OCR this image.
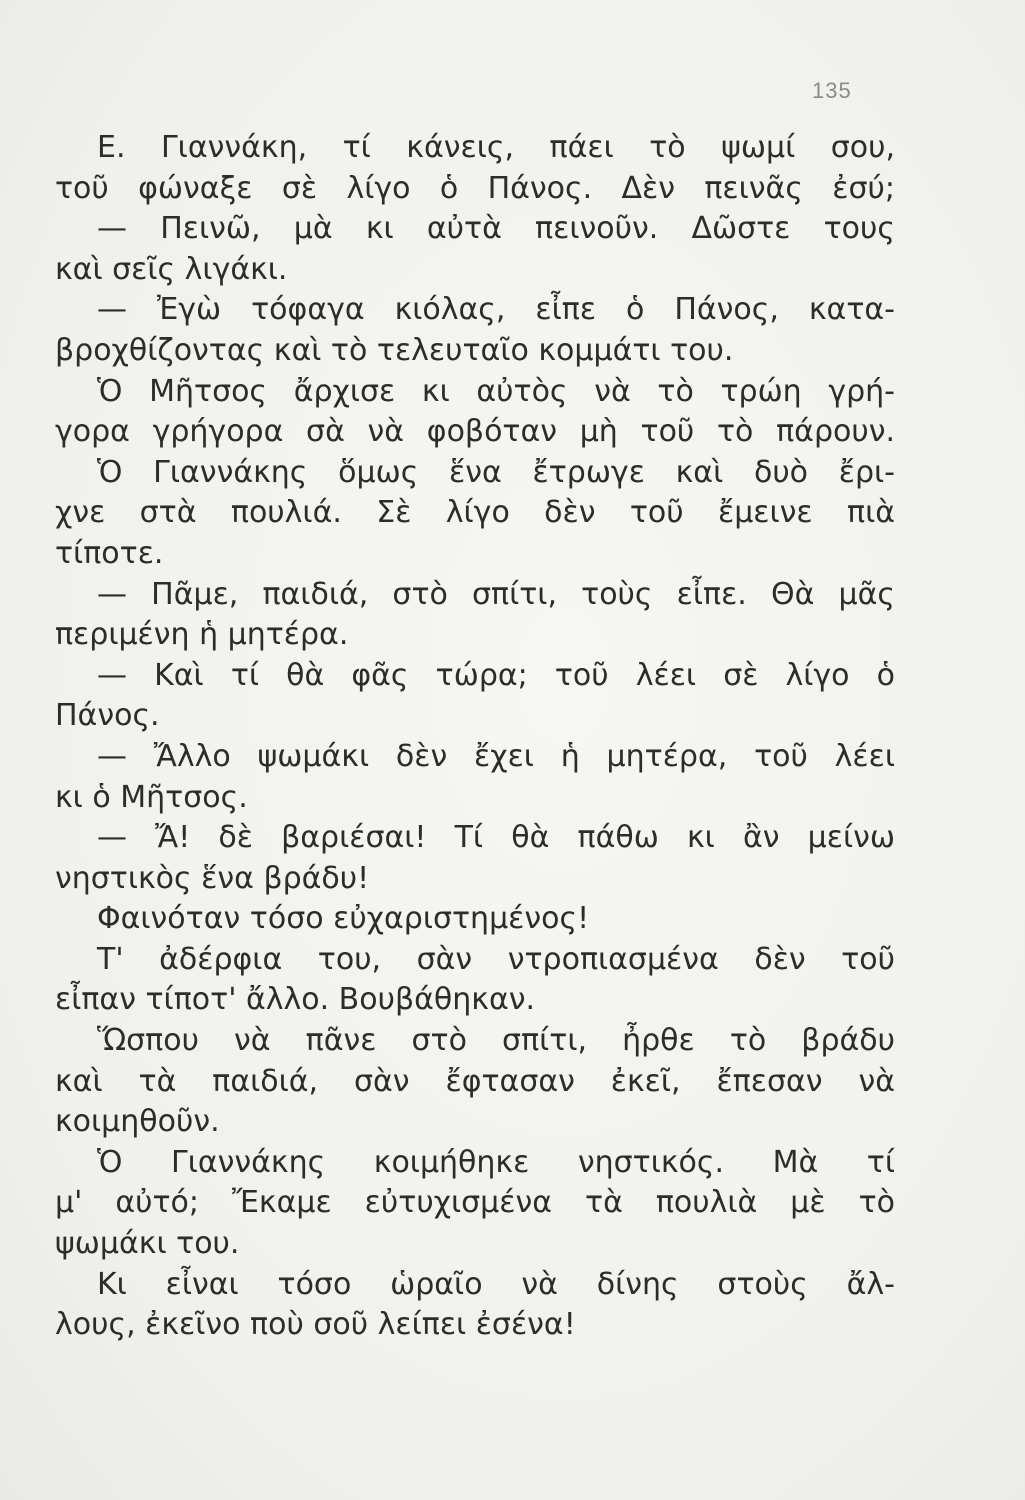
135
Ε. Γιαννάκη, τί κάνεις, πάει τὸ ψωμί σου,
τοῦ φώναξε σὲ λίγο ὁ Πάνος. Δὲν πεινᾶς ἐσύ;
— Πεινῶ, μὰ κι αὐτὰ πεινοῦν. Δῶστε τους
καὶ σεῖς λιγάκι.
— Ἐγὼ τόφαγα κιόλας, εἶπε ὁ Πάνος, κατα-
βροχθίζοντας καὶ τὸ τελευταῖο κομμάτι του.
Ὁ Μῆτσος ἄρχισε κι αὐτὸς νὰ τὸ τρώη γρή-
γορα γρήγορα σὰ νὰ φοβόταν μὴ τοῦ τὸ πάρουν.
Ὁ Γιαννάκης ὅμως ἕνα ἔτρωγε καὶ δυὸ ἔρι-
χνε στὰ πουλιά. Σὲ λίγο δὲν τοῦ ἔμεινε πιὰ
τίποτε.
— Πᾶμε, παιδιά, στὸ σπίτι, τοὺς εἶπε. Θὰ μᾶς
περιμένη ἡ μητέρα.
— Καὶ τί θὰ φᾶς τώρα; τοῦ λέει σὲ λίγο ὁ
Πάνος.
— Ἄλλο ψωμάκι δὲν ἔχει ἡ μητέρα, τοῦ λέει
κι ὁ Μῆτσος.
— Ἄ! δὲ βαριέσαι! Τί θὰ πάθω κι ἂν μείνω
νηστικὸς ἕνα βράδυ!
Φαινόταν τόσο εὐχαριστημένος!
Τ' ἀδέρφια του, σὰν ντροπιασμένα δὲν τοῦ
εἶπαν τίποτ' ἄλλο. Βουβάθηκαν.
Ὥσπου νὰ πᾶνε στὸ σπίτι, ἦρθε τὸ βράδυ
καὶ τὰ παιδιά, σὰν ἔφτασαν ἐκεῖ, ἔπεσαν νὰ
κοιμηθοῦν.
Ὁ Γιαννάκης κοιμήθηκε νηστικός. Μὰ τί
μ' αὐτό; Ἔκαμε εὐτυχισμένα τὰ πουλιὰ μὲ τὸ
ψωμάκι του.
Κι εἶναι τόσο ὡραῖο νὰ δίνης στοὺς ἄλ-
λους, ἐκεῖνο ποὺ σοῦ λείπει ἐσένα!
